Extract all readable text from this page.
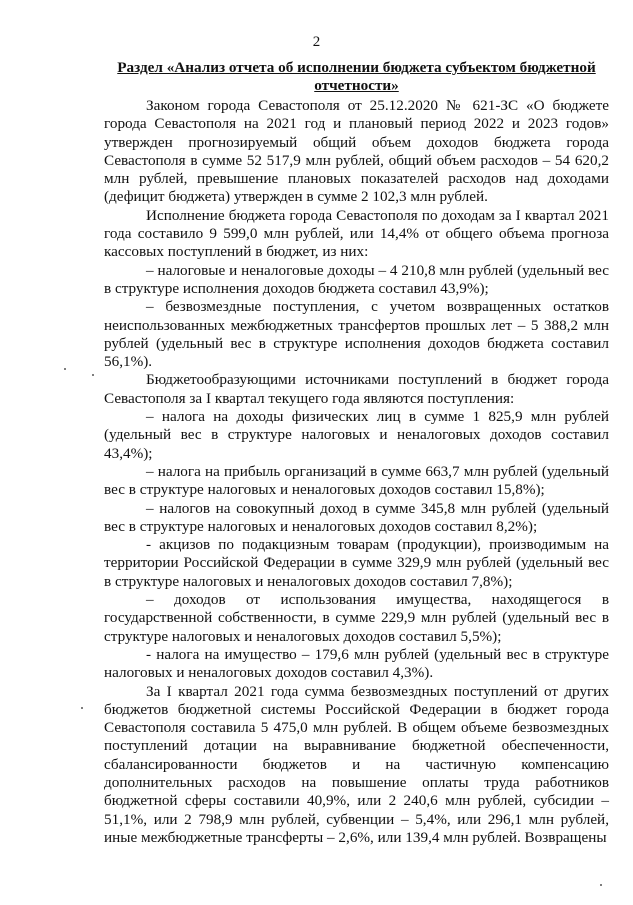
2
Раздел «Анализ отчета об исполнении бюджета субъектом бюджетной отчетности»

Законом города Севастополя от 25.12.2020 № 621-ЗС «О бюджете города Севастополя на 2021 год и плановый период 2022 и 2023 годов» утвержден прогнозируемый общий объем доходов бюджета города Севастополя в сумме 52 517,9 млн рублей, общий объем расходов – 54 620,2 млн рублей, превышение плановых показателей расходов над доходами (дефицит бюджета) утвержден в сумме 2 102,3 млн рублей.

Исполнение бюджета города Севастополя по доходам за I квартал 2021 года составило 9 599,0 млн рублей, или 14,4% от общего объема прогноза кассовых поступлений в бюджет, из них:

– налоговые и неналоговые доходы – 4 210,8 млн рублей (удельный вес в структуре исполнения доходов бюджета составил 43,9%);

– безвозмездные поступления, с учетом возвращенных остатков неиспользованных межбюджетных трансфертов прошлых лет – 5 388,2 млн рублей (удельный вес в структуре исполнения доходов бюджета составил 56,1%).

Бюджетообразующими источниками поступлений в бюджет города Севастополя за I квартал текущего года являются поступления:

– налога на доходы физических лиц в сумме 1 825,9 млн рублей (удельный вес в структуре налоговых и неналоговых доходов составил 43,4%);

– налога на прибыль организаций в сумме 663,7 млн рублей (удельный вес в структуре налоговых и неналоговых доходов составил 15,8%);

– налогов на совокупный доход в сумме 345,8 млн рублей (удельный вес в структуре налоговых и неналоговых доходов составил 8,2%);

- акцизов по подакцизным товарам (продукции), производимым на территории Российской Федерации в сумме 329,9 млн рублей (удельный вес в структуре налоговых и неналоговых доходов составил 7,8%);

– доходов от использования имущества, находящегося в государственной собственности, в сумме 229,9 млн рублей (удельный вес в структуре налоговых и неналоговых доходов составил 5,5%);

- налога на имущество – 179,6 млн рублей (удельный вес в структуре налоговых и неналоговых доходов составил 4,3%).

За I квартал 2021 года сумма безвозмездных поступлений от других бюджетов бюджетной системы Российской Федерации в бюджет города Севастополя составила 5 475,0 млн рублей. В общем объеме безвозмездных поступлений дотации на выравнивание бюджетной обеспеченности, сбалансированности бюджетов и на частичную компенсацию дополнительных расходов на повышение оплаты труда работников бюджетной сферы составили 40,9%, или 2 240,6 млн рублей, субсидии – 51,1%, или 2 798,9 млн рублей, субвенции – 5,4%, или 296,1 млн рублей, иные межбюджетные трансферты – 2,6%, или 139,4 млн рублей. Возвращены
